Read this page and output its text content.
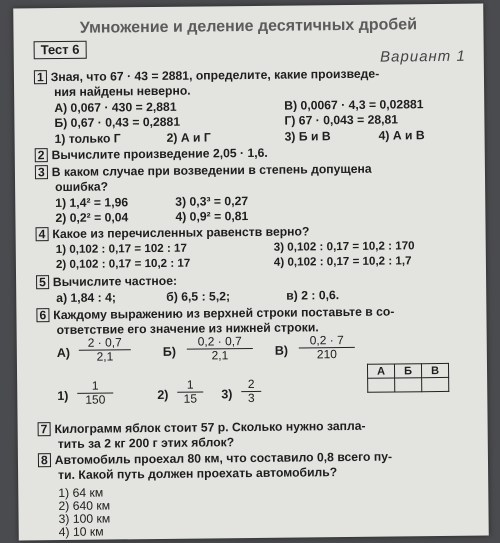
Умножение и деление десятичных дробей
Тест 6	Вариант 1
1 Зная, что 67 · 43 = 2881, определите, какие произведе-
ния найдены неверно.
А) 0,067 · 430 = 2,881	В) 0,0067 · 4,3 = 0,02881
Б) 0,67 · 0,43 = 0,2881	Г) 67 · 0,043 = 28,81
1) только Г	2) А и Г	3) Б и В	4) А и В
2 Вычислите произведение 2,05 · 1,6.
3 В каком случае при возведении в степень допущена
ошибка?
1) 1,4² = 1,96	3) 0,3³ = 0,27
2) 0,2² = 0,04	4) 0,9² = 0,81
4 Какое из перечисленных равенств верно?
1) 0,102 : 0,17 = 102 : 17	3) 0,102 : 0,17 = 10,2 : 170
2) 0,102 : 0,17 = 10,2 : 17	4) 0,102 : 0,17 = 10,2 : 1,7
5 Вычислите частное:
а) 1,84 : 4;	б) 6,5 : 5,2;	в) 2 : 0,6.
6 Каждому выражению из верхней строки поставьте в со-
ответствие его значение из нижней строки.
$А) \frac{2 \cdot 0,7}{2,1}$	$Б) \frac{0,2 \cdot 0,7}{2,1} В) \frac{0,2 \cdot 7}{210}$
$1) \frac{1}{150}$	$2) \frac{1}{15} 3) \frac{2}{3}$
А	Б	В

7 Килограмм яблок стоит 57 р. Сколько нужно запла-
тить за 2 кг 200 г этих яблок?
8 Автомобиль проехал 80 км, что составило 0,8 всего пу-
ти. Какой путь должен проехать автомобиль?
1) 64 км
2) 640 км
3) 100 км
4) 10 км
